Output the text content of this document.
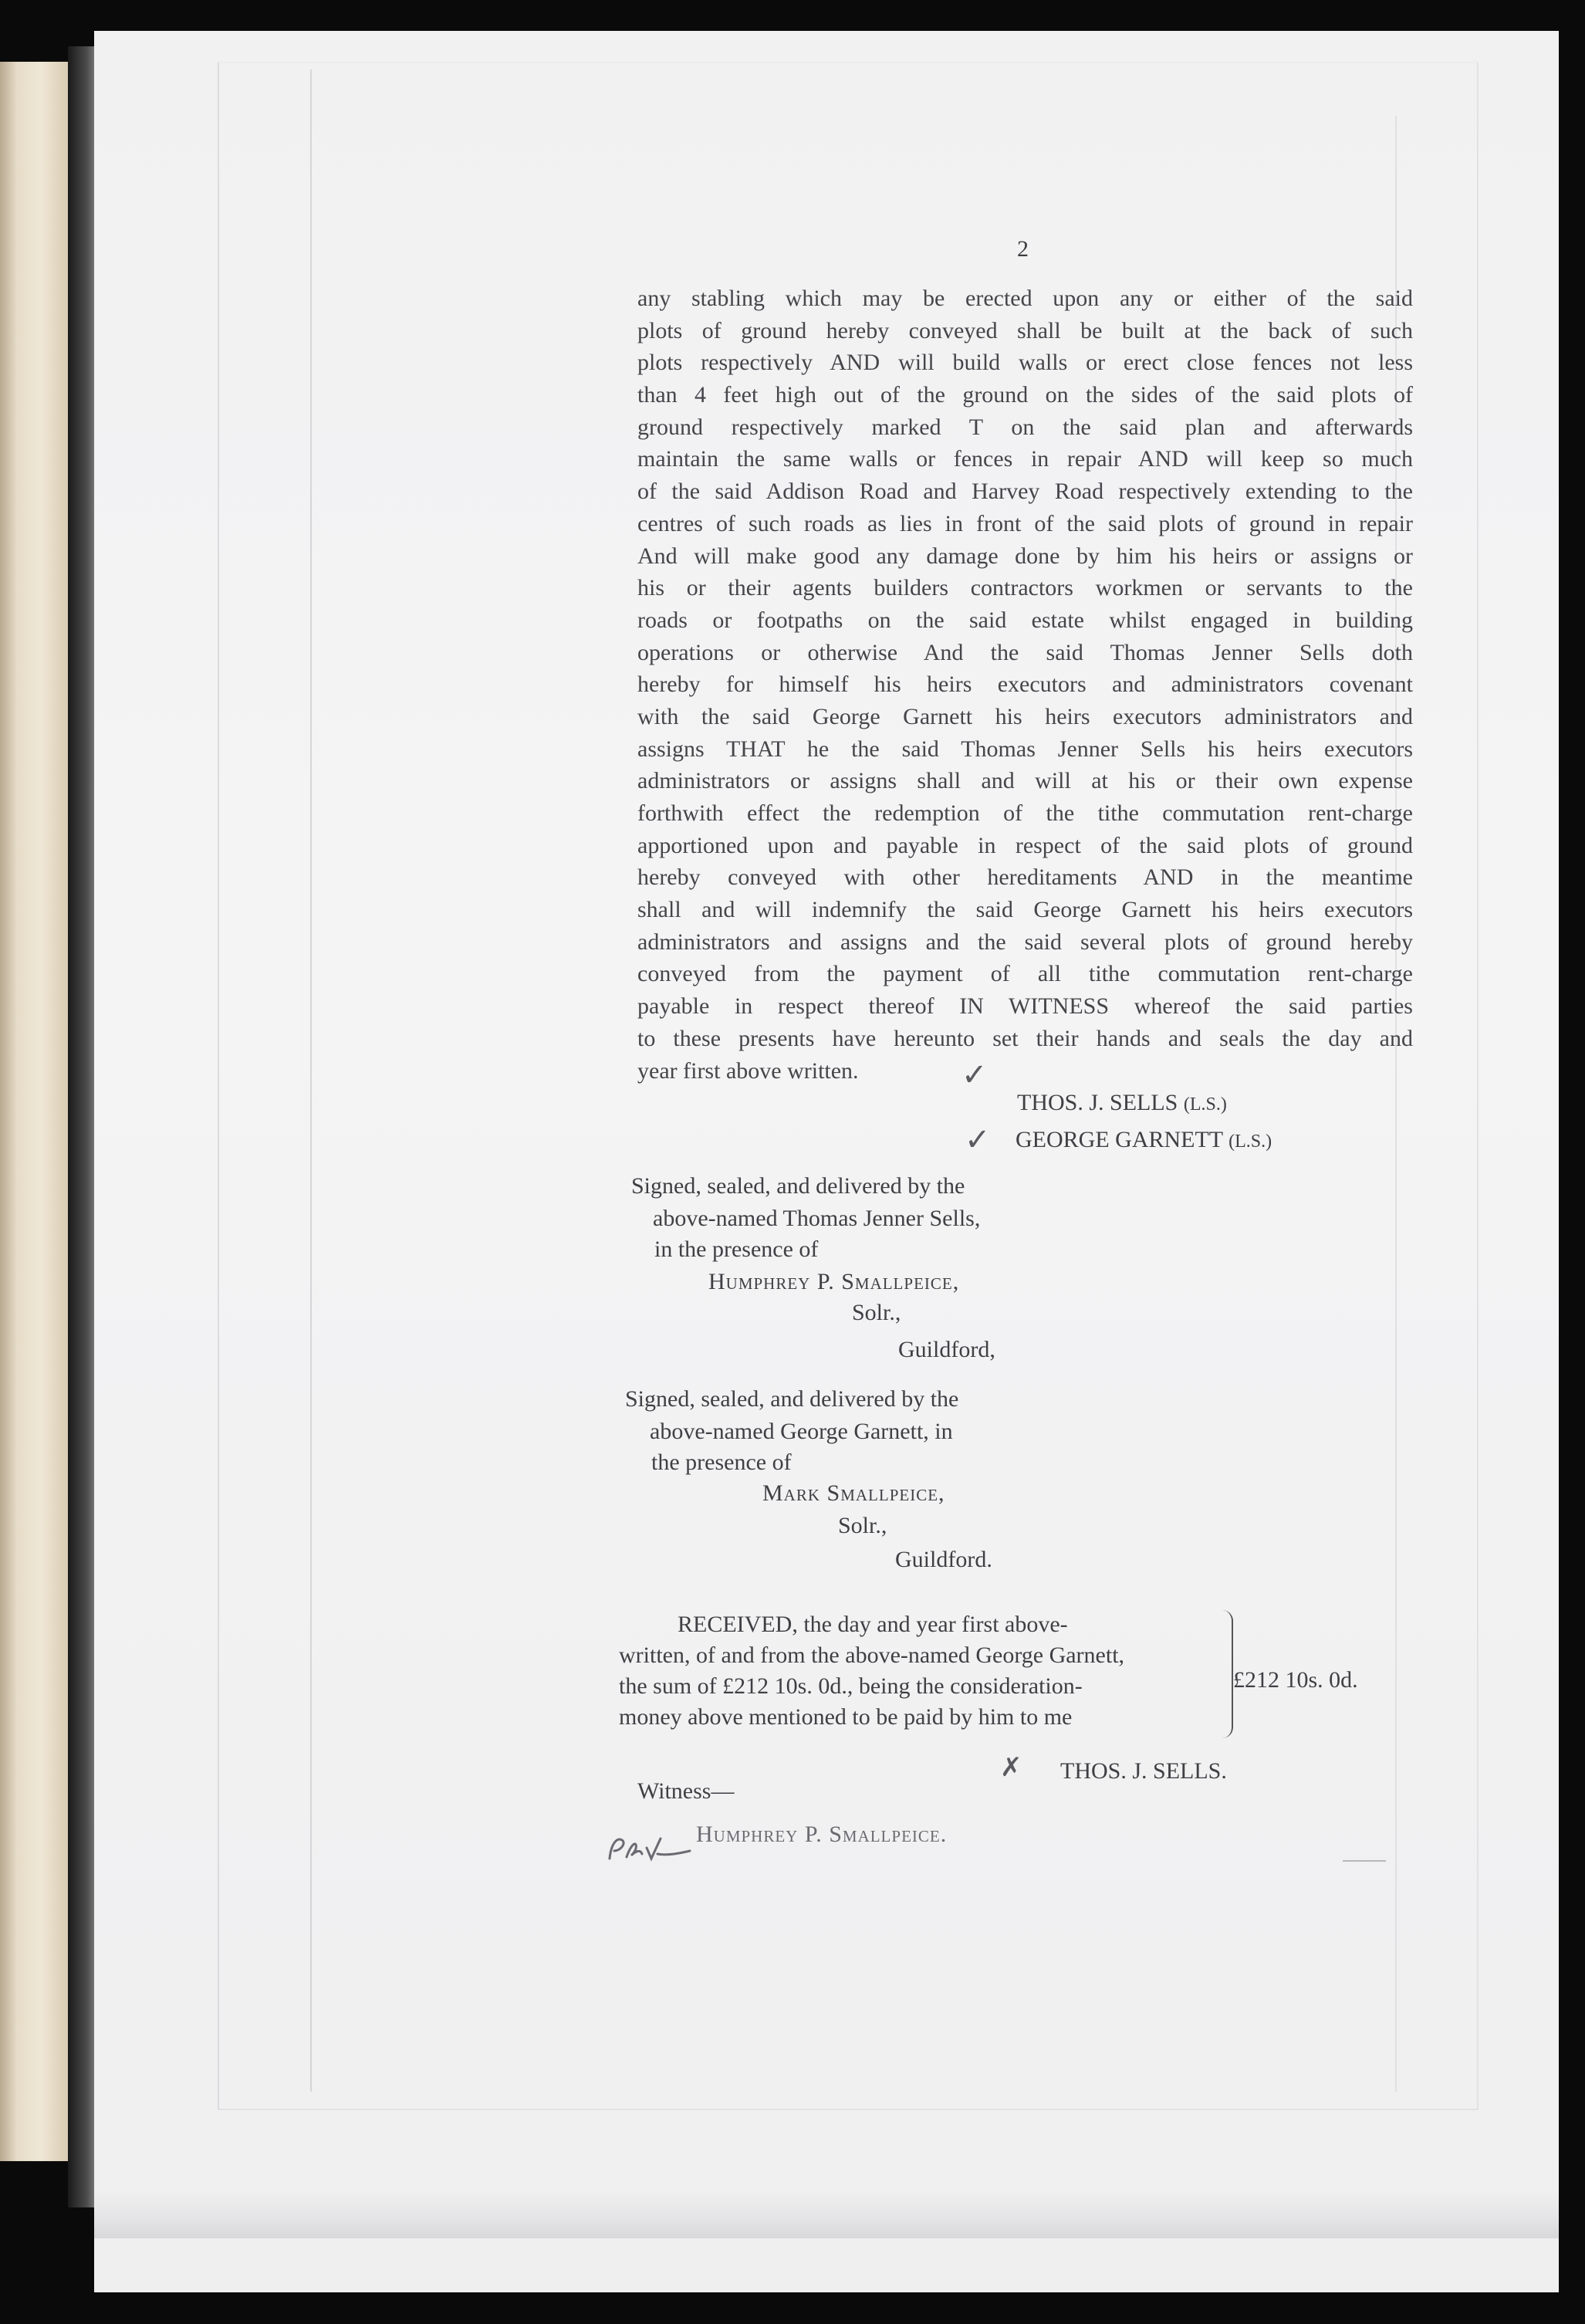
2
any stabling which may be erected upon any or either of the said
plots of ground hereby conveyed shall be built at the back of such
plots respectively AND will build walls or erect close fences not less
than 4 feet high out of the ground on the sides of the said plots of
ground respectively marked T on the said plan and afterwards
maintain the same walls or fences in repair AND will keep so much
of the said Addison Road and Harvey Road respectively extending to the
centres of such roads as lies in front of the said plots of ground in repair
And will make good any damage done by him his heirs or assigns or
his or their agents builders contractors workmen or servants to the
roads or footpaths on the said estate whilst engaged in building
operations or otherwise And the said Thomas Jenner Sells doth
hereby for himself his heirs executors and administrators covenant
with the said George Garnett his heirs executors administrators and
assigns THAT he the said Thomas Jenner Sells his heirs executors
administrators or assigns shall and will at his or their own expense
forthwith effect the redemption of the tithe commutation rent-charge
apportioned upon and payable in respect of the said plots of ground
hereby conveyed with other hereditaments AND in the meantime
shall and will indemnify the said George Garnett his heirs executors
administrators and assigns and the said several plots of ground hereby
conveyed from the payment of all tithe commutation rent-charge
payable in respect thereof IN WITNESS whereof the said parties
to these presents have hereunto set their hands and seals the day and
year first above written.	✓
✓
THOS. J. SELLS (L.S.)
GEORGE GARNETT (L.S.)
Signed, sealed, and delivered by the
above-named Thomas Jenner Sells,
in the presence of
Humphrey P. Smallpeice,
Solr.,
Guildford,
Signed, sealed, and delivered by the
above-named George Garnett, in
the presence of
Mark Smallpeice,
Solr.,
Guildford.
RECEIVED, the day and year first above-
written, of and from the above-named George Garnett,
the sum of £212 10s. 0d., being the consideration-
money above mentioned to be paid by him to me
£212 10s. 0d.
✗ THOS. J. SELLS.
Witness—
Humphrey P. Smallpeice.
